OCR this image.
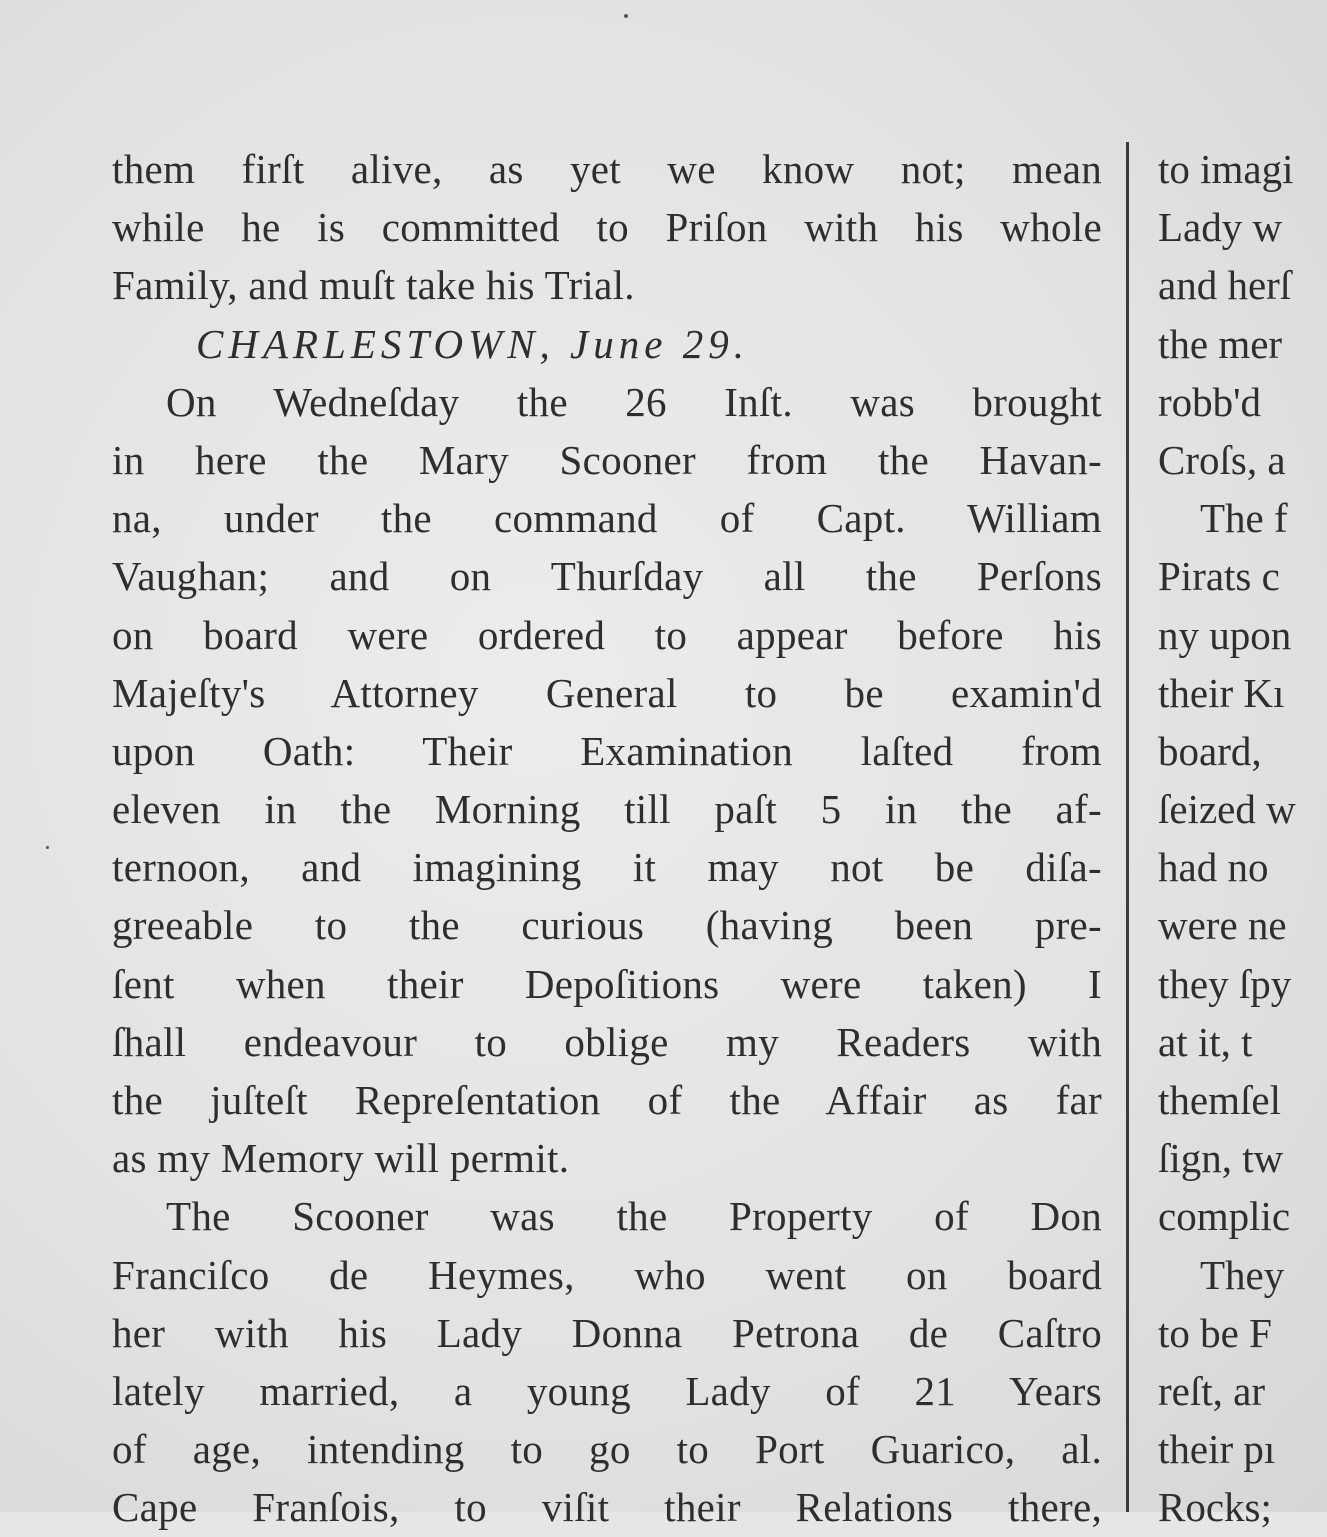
them firſt alive, as yet we know not; mean
while he is committed to Priſon with his whole
Family, and muſt take his Trial.
CHARLESTOWN, June 29.
On Wedneſday the 26 Inſt. was brought
in here the Mary Scooner from the Havan-
na, under the command of Capt. William
Vaughan; and on Thurſday all the Perſons
on board were ordered to appear before his
Majeſty's Attorney General to be examin'd
upon Oath: Their Examination laſted from
eleven in the Morning till paſt 5 in the af-
ternoon, and imagining it may not be diſa-
greeable to the curious (having been pre-
ſent when their Depoſitions were taken) I
ſhall endeavour to oblige my Readers with
the juſteſt Repreſentation of the Affair as far
as my Memory will permit.
The Scooner was the Property of Don
Franciſco de Heymes, who went on board
her with his Lady Donna Petrona de Caſtro
lately married, a young Lady of 21 Years
of age, intending to go to Port Guarico, al.
Cape Franſois, to viſit their Relations there,
to imagi
Lady w
and herſ
the mer
robb'd
Croſs, a
The f
Pirats c
ny upon
their Kı
board,
ſeized w
had no
were ne
they ſpy
at it, t
themſel
ſign, tw
complic
They
to be F
reſt, ar
their pı
Rocks;
